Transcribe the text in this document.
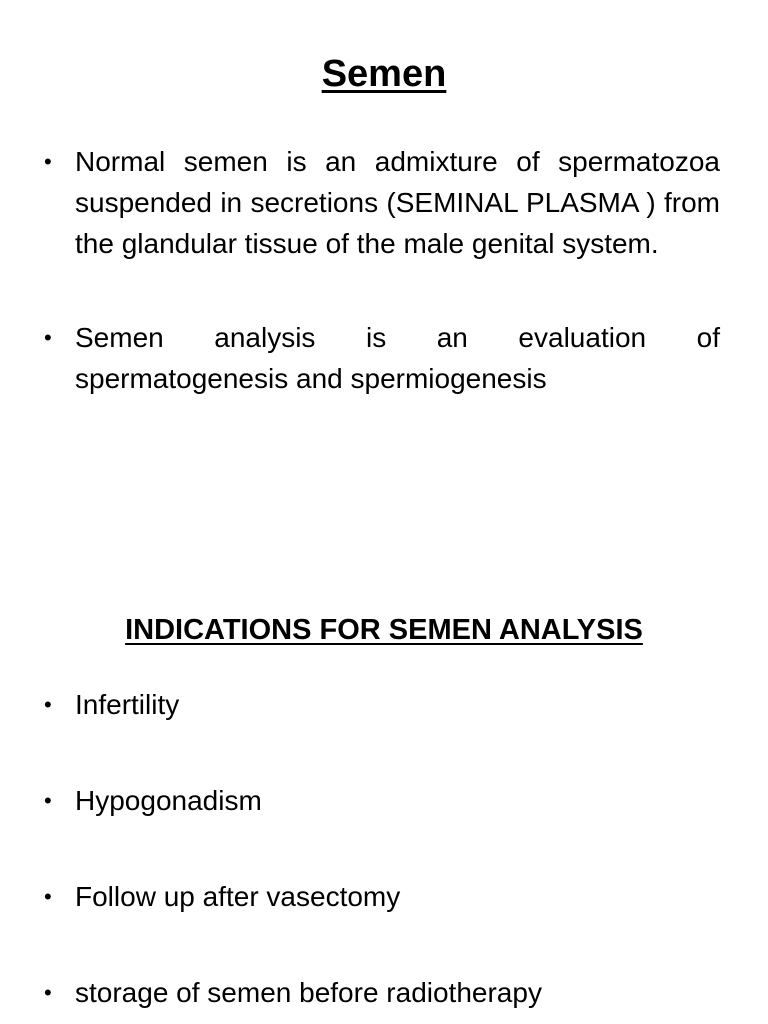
Semen
• Normal semen is an admixture of spermatozoa suspended in secretions (SEMINAL PLASMA ) from the glandular tissue of the male genital system.
• Semen analysis is an evaluation of spermatogenesis and spermiogenesis
INDICATIONS FOR SEMEN ANALYSIS
• Infertility
• Hypogonadism
• Follow up after vasectomy
• storage of semen before radiotherapy
